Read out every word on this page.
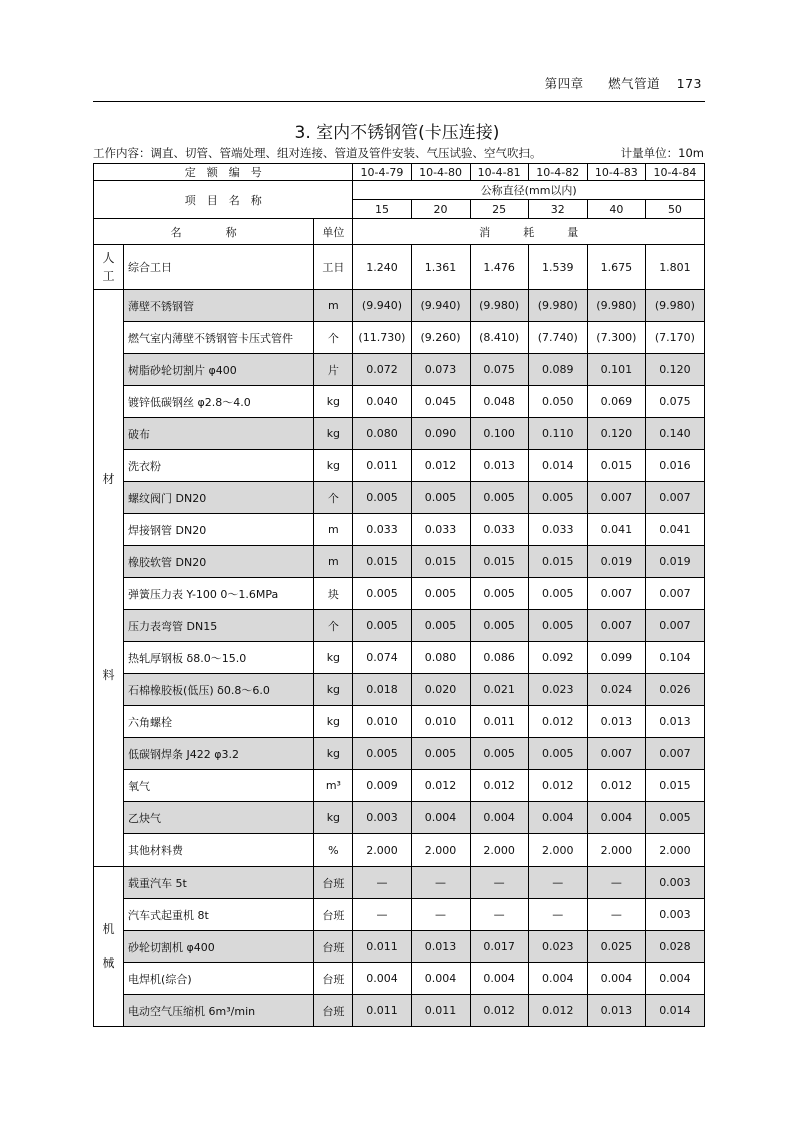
第四章 燃气管道 173
3. 室内不锈钢管(卡压连接)
工作内容：调直、切管、管端处理、组对连接、管道及管件安装、气压试验、空气吹扫。	计量单位：10m
定　额　编　号			10-4-79	10-4-80	10-4-81	10-4-82	10-4-83	10-4-84
项　目　名　称			公称直径(mm以内)					
			15	20	25	32	40	50
名　　　　称		单位	消　　　耗　　　量					
人工	综合工日	工日	1.240	1.361	1.476	1.539	1.675	1.801

材
料	薄壁不锈钢管	m	(9.940)	(9.940)	(9.980)	(9.980)	(9.980)	(9.980)
	燃气室内薄壁不锈钢管卡压式管件	个	(11.730)	(9.260)	(8.410)	(7.740)	(7.300)	(7.170)
	树脂砂轮切割片 φ400	片	0.072	0.073	0.075	0.089	0.101	0.120
	镀锌低碳钢丝 φ2.8～4.0	kg	0.040	0.045	0.048	0.050	0.069	0.075
	破布	kg	0.080	0.090	0.100	0.110	0.120	0.140
	洗衣粉	kg	0.011	0.012	0.013	0.014	0.015	0.016
	螺纹阀门 DN20	个	0.005	0.005	0.005	0.005	0.007	0.007
	焊接钢管 DN20	m	0.033	0.033	0.033	0.033	0.041	0.041
	橡胶软管 DN20	m	0.015	0.015	0.015	0.015	0.019	0.019
	弹簧压力表 Y-100 0～1.6MPa	块	0.005	0.005	0.005	0.005	0.007	0.007
	压力表弯管 DN15	个	0.005	0.005	0.005	0.005	0.007	0.007
	热轧厚钢板 δ8.0～15.0	kg	0.074	0.080	0.086	0.092	0.099	0.104
	石棉橡胶板(低压) δ0.8～6.0	kg	0.018	0.020	0.021	0.023	0.024	0.026
	六角螺栓	kg	0.010	0.010	0.011	0.012	0.013	0.013
	低碳钢焊条 J422 φ3.2	kg	0.005	0.005	0.005	0.005	0.007	0.007
	氧气	m³	0.009	0.012	0.012	0.012	0.012	0.015
	乙炔气	kg	0.003	0.004	0.004	0.004	0.004	0.005
	其他材料费	%	2.000	2.000	2.000	2.000	2.000	2.000

机
械	载重汽车 5t	台班	—	—	—	—	—	0.003
	汽车式起重机 8t	台班	—	—	—	—	—	0.003
	砂轮切割机 φ400	台班	0.011	0.013	0.017	0.023	0.025	0.028
	电焊机(综合)	台班	0.004	0.004	0.004	0.004	0.004	0.004
	电动空气压缩机 6m³/min	台班	0.011	0.011	0.012	0.012	0.013	0.014
